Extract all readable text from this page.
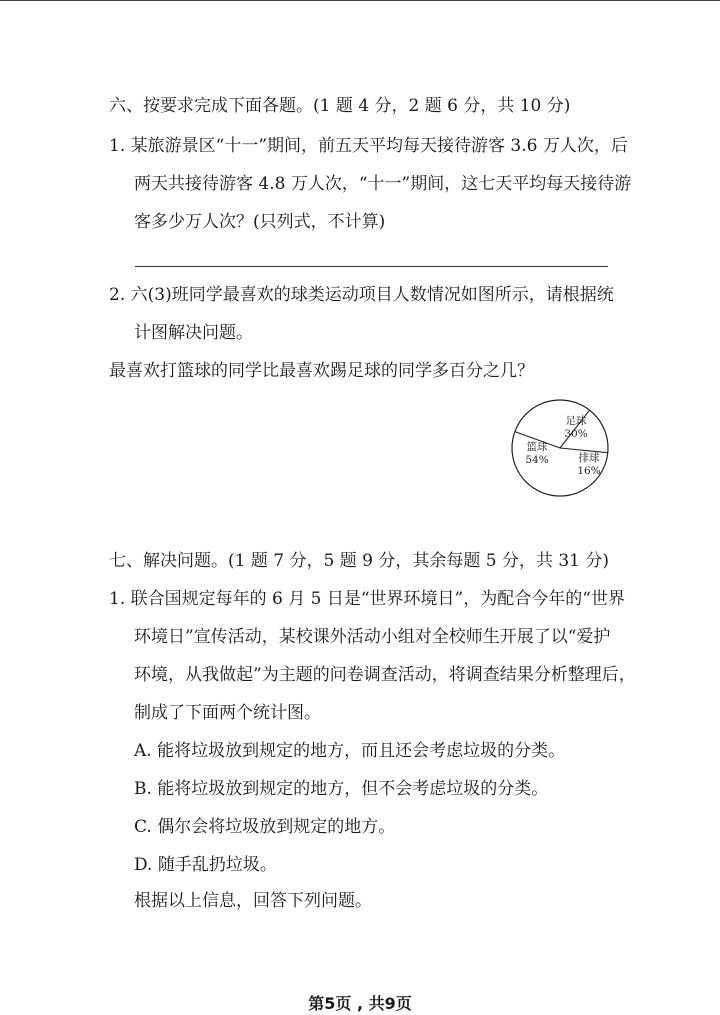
六、按要求完成下面各题。(1 题 4 分，2 题 6 分，共 10 分)
1. 某旅游景区“十一”期间，前五天平均每天接待游客 3.6 万人次，后
两天共接待游客 4.8 万人次，“十一”期间，这七天平均每天接待游
客多少万人次？(只列式，不计算)
2. 六(3)班同学最喜欢的球类运动项目人数情况如图所示，请根据统
计图解决问题。
最喜欢打篮球的同学比最喜欢踢足球的同学多百分之几？
足球
30%
排球
16%
篮球
54%
七、解决问题。(1 题 7 分，5 题 9 分，其余每题 5 分，共 31 分)
1. 联合国规定每年的 6 月 5 日是“世界环境日”，为配合今年的“世界
环境日”宣传活动，某校课外活动小组对全校师生开展了以“爱护
环境，从我做起”为主题的问卷调查活动，将调查结果分析整理后，
制成了下面两个统计图。
A. 能将垃圾放到规定的地方，而且还会考虑垃圾的分类。
B. 能将垃圾放到规定的地方，但不会考虑垃圾的分类。
C. 偶尔会将垃圾放到规定的地方。
D. 随手乱扔垃圾。
根据以上信息，回答下列问题。
第5页 , 共9页
